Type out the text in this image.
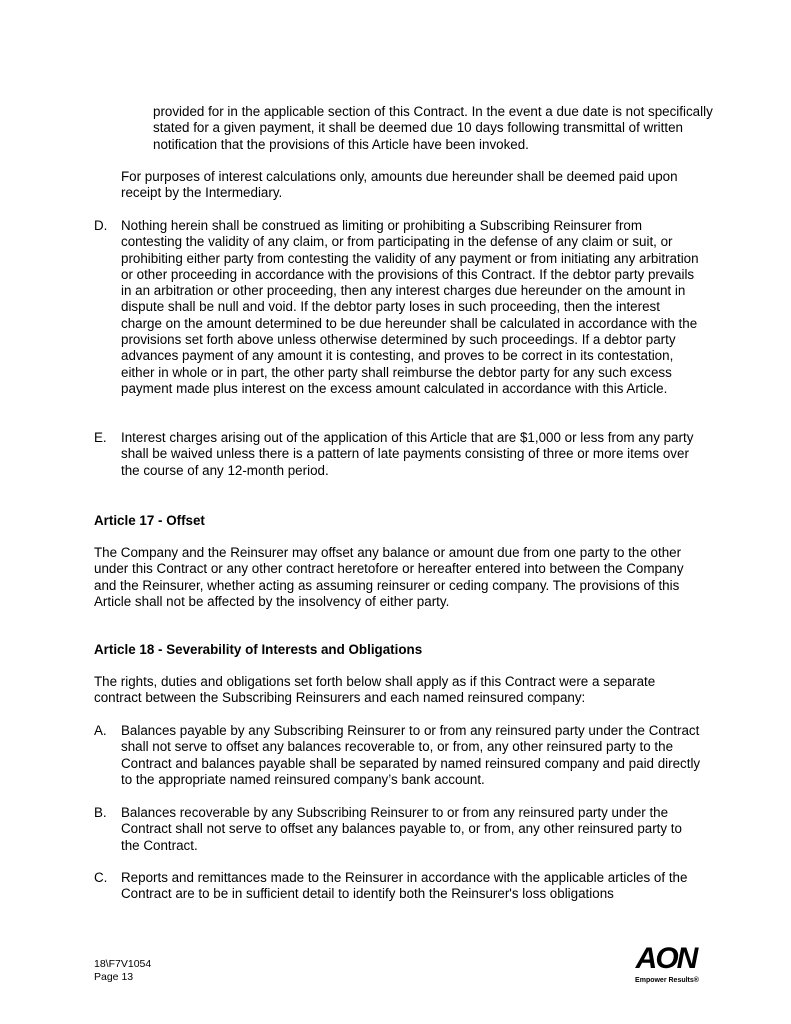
provided for in the applicable section of this Contract. In the event a due date is not specifically stated for a given payment, it shall be deemed due 10 days following transmittal of written notification that the provisions of this Article have been invoked.

For purposes of interest calculations only, amounts due hereunder shall be deemed paid upon receipt by the Intermediary.

D. Nothing herein shall be construed as limiting or prohibiting a Subscribing Reinsurer from contesting the validity of any claim, or from participating in the defense of any claim or suit, or prohibiting either party from contesting the validity of any payment or from initiating any arbitration or other proceeding in accordance with the provisions of this Contract. If the debtor party prevails in an arbitration or other proceeding, then any interest charges due hereunder on the amount in dispute shall be null and void. If the debtor party loses in such proceeding, then the interest charge on the amount determined to be due hereunder shall be calculated in accordance with the provisions set forth above unless otherwise determined by such proceedings. If a debtor party advances payment of any amount it is contesting, and proves to be correct in its contestation, either in whole or in part, the other party shall reimburse the debtor party for any such excess payment made plus interest on the excess amount calculated in accordance with this Article.

E. Interest charges arising out of the application of this Article that are $1,000 or less from any party shall be waived unless there is a pattern of late payments consisting of three or more items over the course of any 12-month period.

Article 17 - Offset

The Company and the Reinsurer may offset any balance or amount due from one party to the other under this Contract or any other contract heretofore or hereafter entered into between the Company and the Reinsurer, whether acting as assuming reinsurer or ceding company. The provisions of this Article shall not be affected by the insolvency of either party.

Article 18 - Severability of Interests and Obligations

The rights, duties and obligations set forth below shall apply as if this Contract were a separate contract between the Subscribing Reinsurers and each named reinsured company:

A. Balances payable by any Subscribing Reinsurer to or from any reinsured party under the Contract shall not serve to offset any balances recoverable to, or from, any other reinsured party to the Contract and balances payable shall be separated by named reinsured company and paid directly to the appropriate named reinsured company’s bank account.

B. Balances recoverable by any Subscribing Reinsurer to or from any reinsured party under the Contract shall not serve to offset any balances payable to, or from, any other reinsured party to the Contract.

C. Reports and remittances made to the Reinsurer in accordance with the applicable articles of the Contract are to be in sufficient detail to identify both the Reinsurer's loss obligations

18\F7V1054
Page 13
AON
Empower Results®
